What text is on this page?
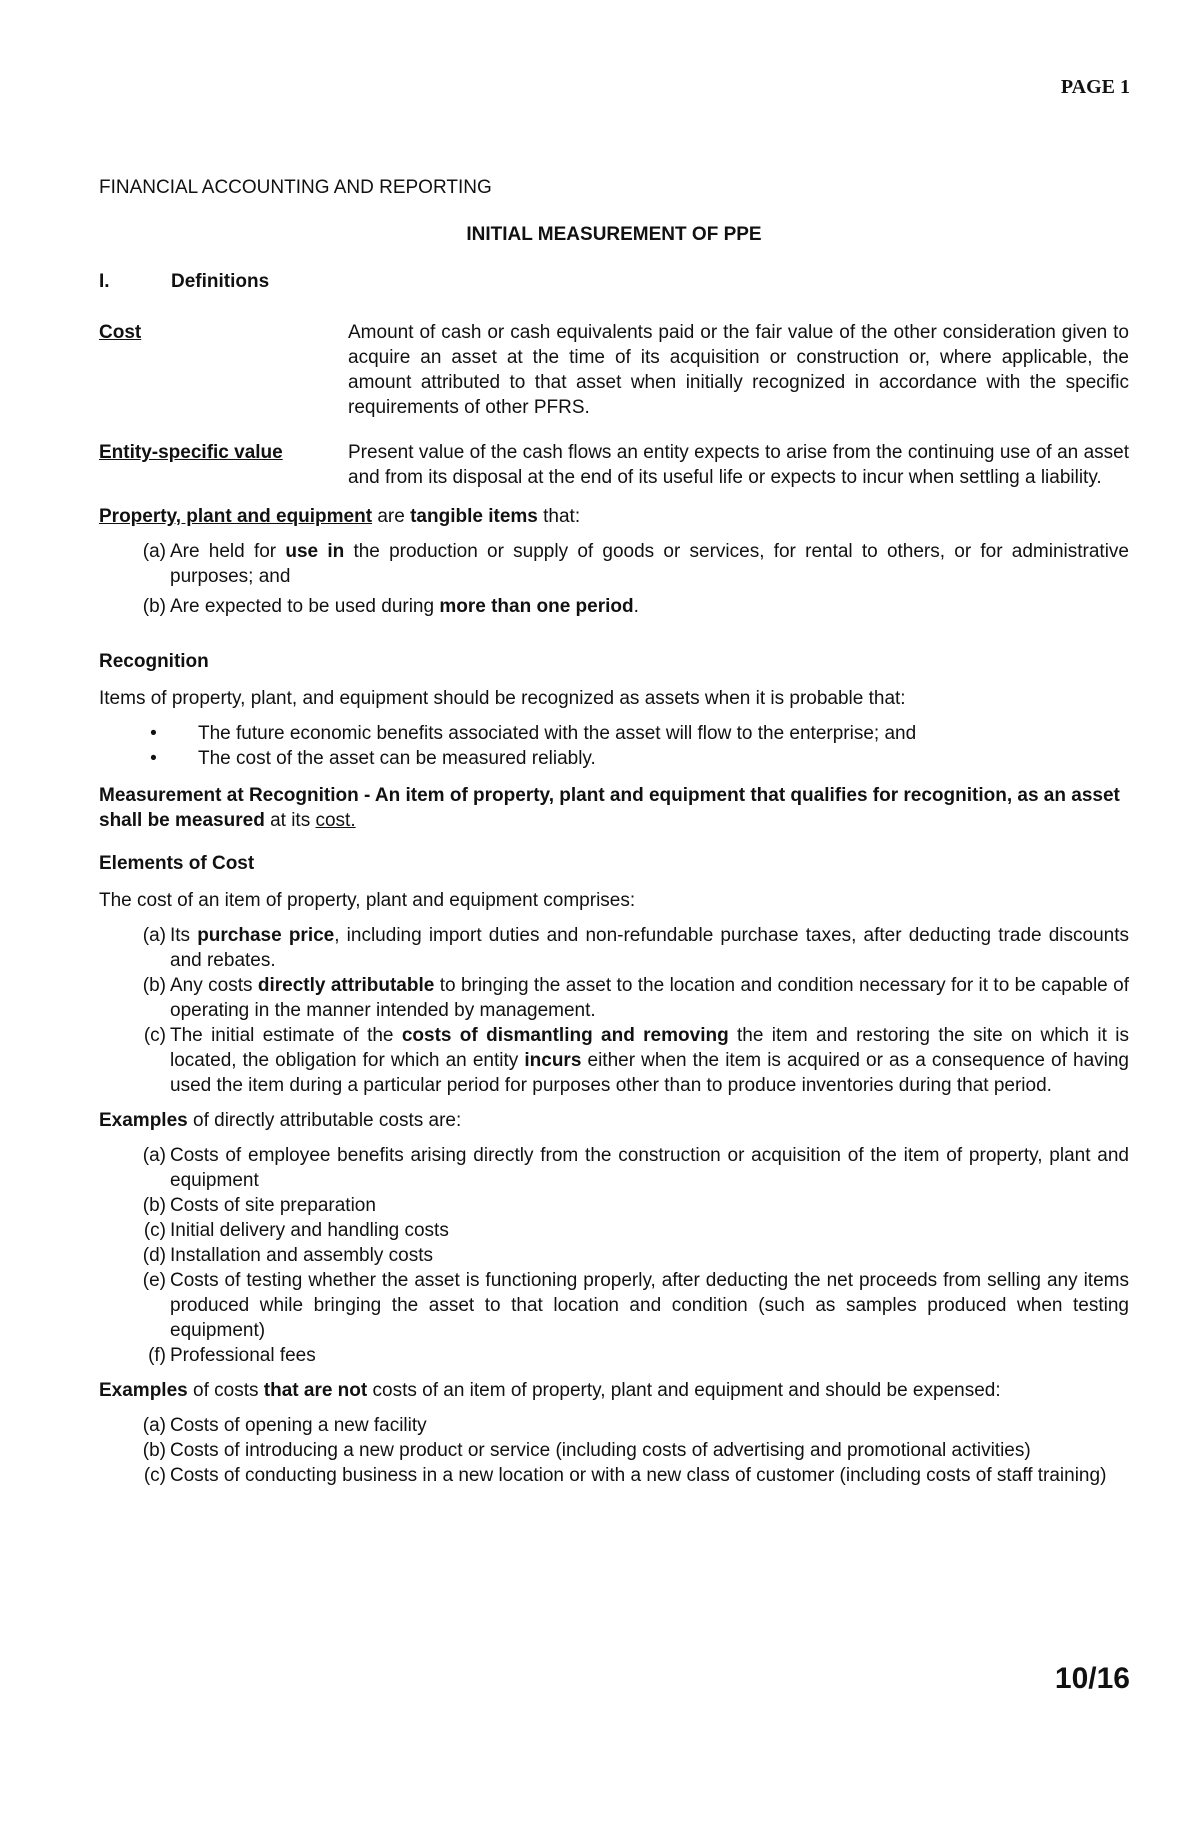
PAGE 1

FINANCIAL ACCOUNTING AND REPORTING

INITIAL MEASUREMENT OF PPE

I.	Definitions
Cost	Amount of cash or cash equivalents paid or the fair value of the other consideration given to acquire an asset at the time of its acquisition or construction or, where applicable, the amount attributed to that asset when initially recognized in accordance with the specific requirements of other PFRS.
Entity-specific value	Present value of the cash flows an entity expects to arise from the continuing use of an asset and from its disposal at the end of its useful life or expects to incur when settling a liability.

Property, plant and equipment are tangible items that:

(a) Are held for use in the production or supply of goods or services, for rental to others, or for administrative purposes; and
(b) Are expected to be used during more than one period.

Recognition

Items of property, plant, and equipment should be recognized as assets when it is probable that:

•	The future economic benefits associated with the asset will flow to the enterprise; and
•	The cost of the asset can be measured reliably.

Measurement at Recognition - An item of property, plant and equipment that qualifies for recognition, as an asset shall be measured at its cost.

Elements of Cost

The cost of an item of property, plant and equipment comprises:

(a) Its purchase price, including import duties and non-refundable purchase taxes, after deducting trade discounts and rebates.
(b) Any costs directly attributable to bringing the asset to the location and condition necessary for it to be capable of operating in the manner intended by management.
(c) The initial estimate of the costs of dismantling and removing the item and restoring the site on which it is located, the obligation for which an entity incurs either when the item is acquired or as a consequence of having used the item during a particular period for purposes other than to produce inventories during that period.

Examples of directly attributable costs are:

(a) Costs of employee benefits arising directly from the construction or acquisition of the item of property, plant and equipment
(b) Costs of site preparation
(c) Initial delivery and handling costs
(d) Installation and assembly costs
(e) Costs of testing whether the asset is functioning properly, after deducting the net proceeds from selling any items produced while bringing the asset to that location and condition (such as samples produced when testing equipment)
(f) Professional fees

Examples of costs that are not costs of an item of property, plant and equipment and should be expensed:

(a) Costs of opening a new facility
(b) Costs of introducing a new product or service (including costs of advertising and promotional activities)
(c) Costs of conducting business in a new location or with a new class of customer (including costs of staff training)
10/16
